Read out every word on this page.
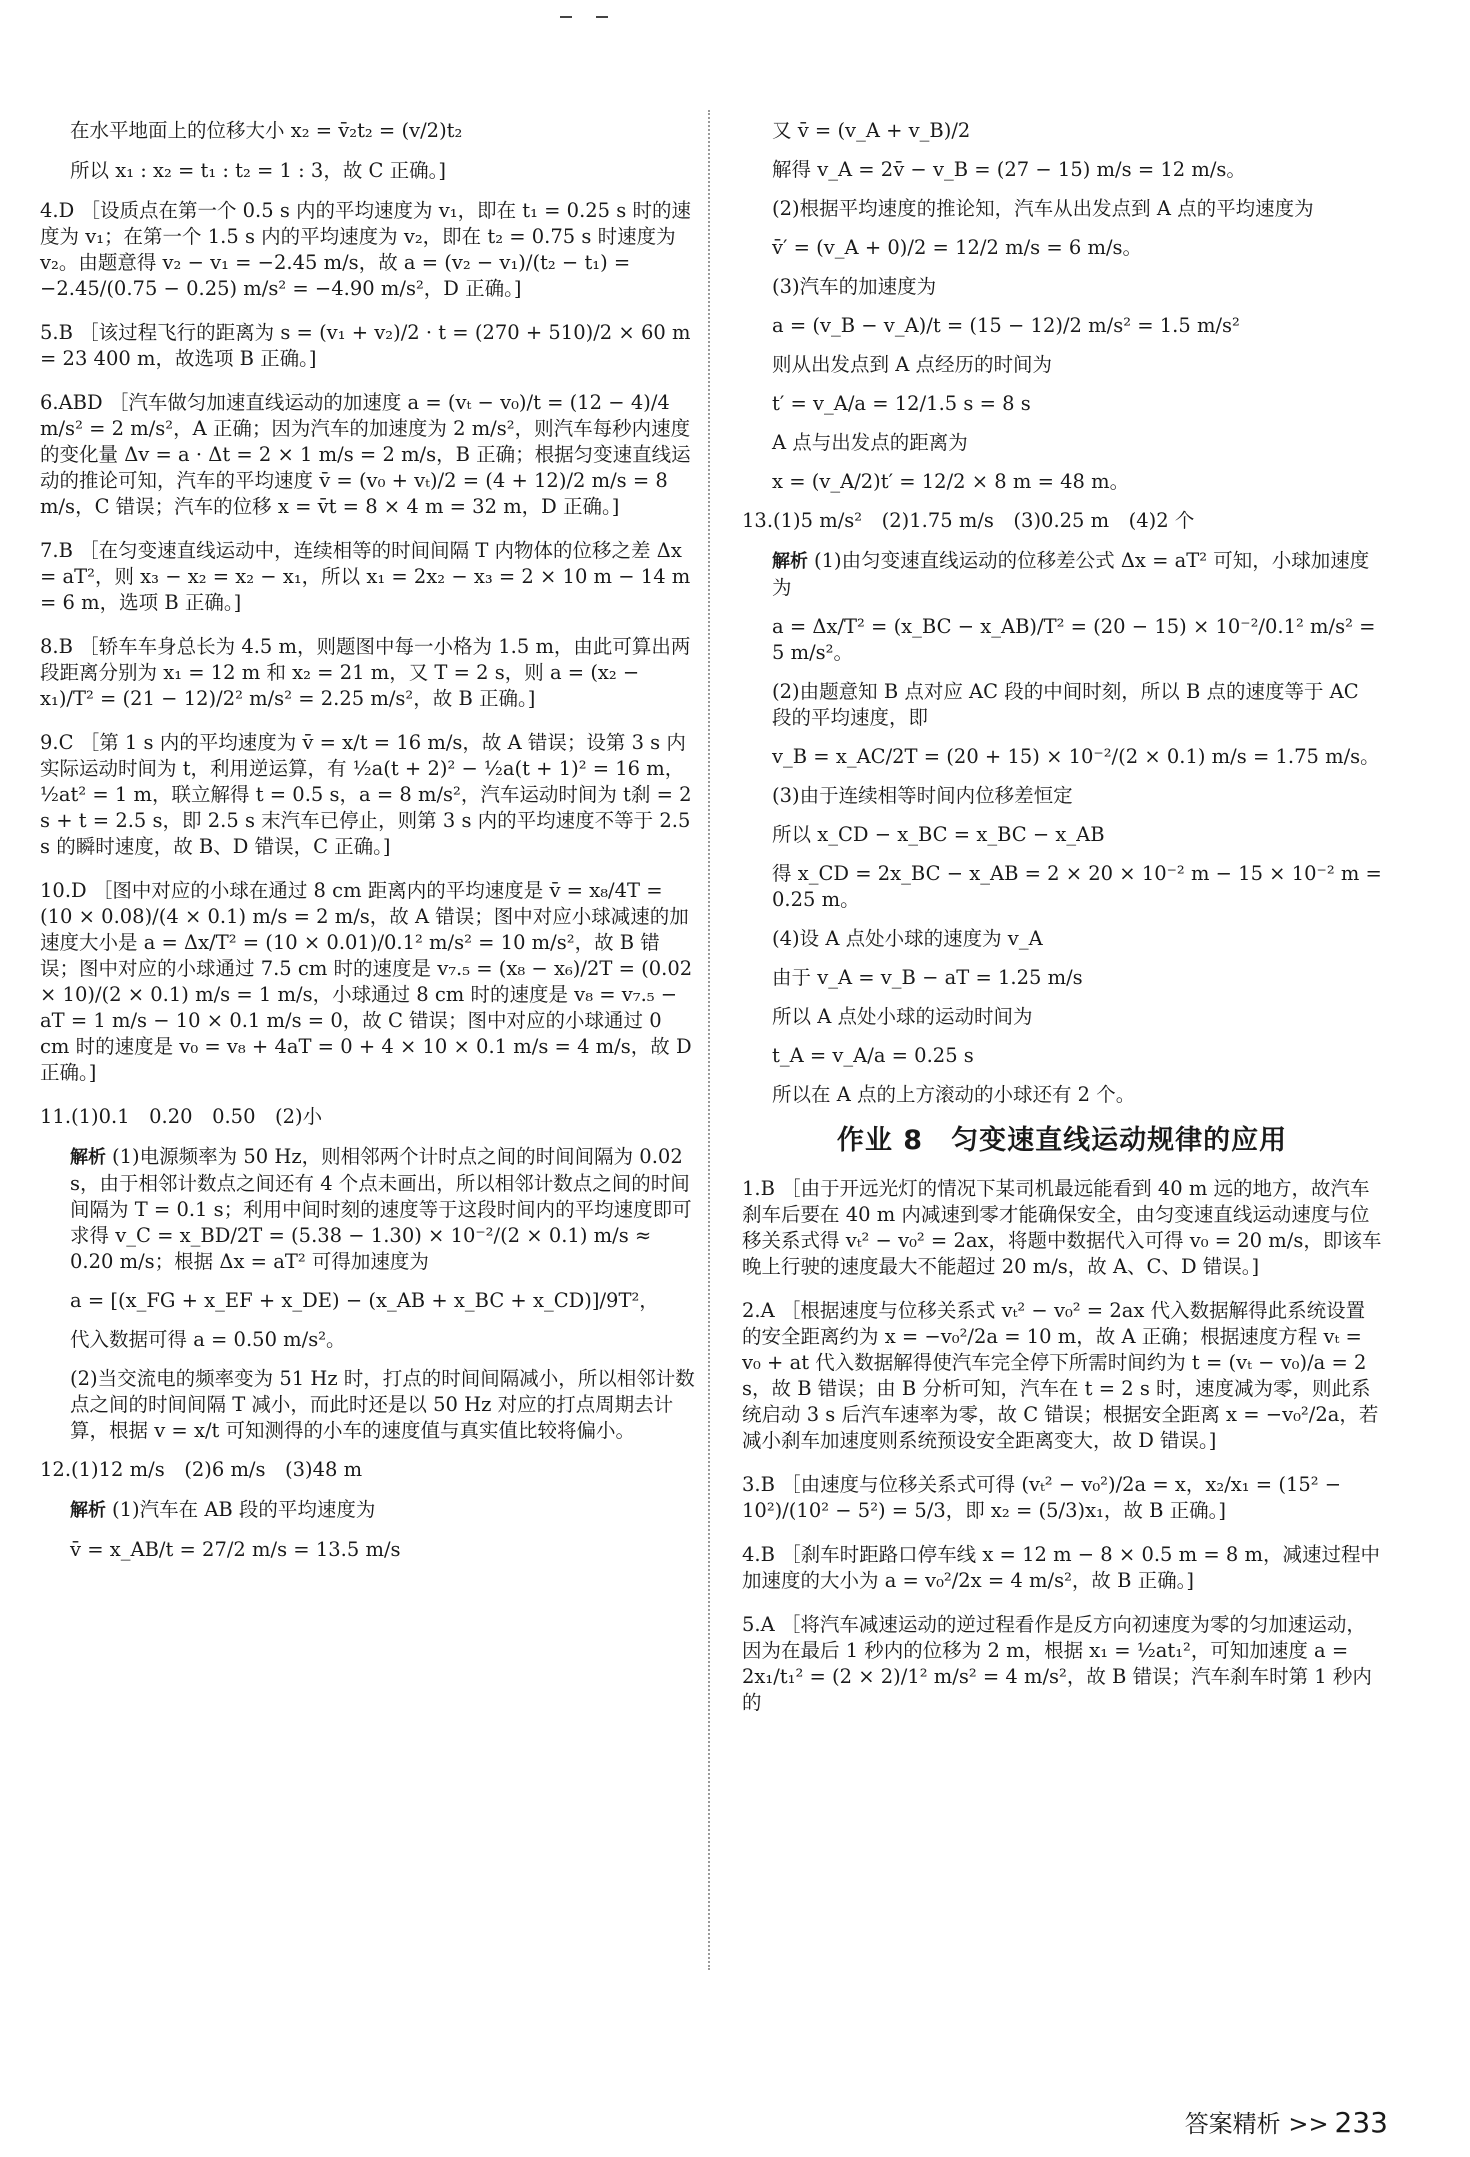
在水平地面上的位移大小 x₂ = v̄₂t₂ = (v/2)t₂

所以 x₁ : x₂ = t₁ : t₂ = 1 : 3，故 C 正确。]

4.D ［设质点在第一个 0.5 s 内的平均速度为 v₁，即在 t₁ = 0.25 s 时的速度为 v₁；在第一个 1.5 s 内的平均速度为 v₂，即在 t₂ = 0.75 s 时速度为 v₂。由题意得 v₂ − v₁ = −2.45 m/s，故 a = (v₂ − v₁)/(t₂ − t₁) = −2.45/(0.75 − 0.25) m/s² = −4.90 m/s²，D 正确。]

5.B ［该过程飞行的距离为 s = (v₁ + v₂)/2 · t = (270 + 510)/2 × 60 m = 23 400 m，故选项 B 正确。]

6.ABD ［汽车做匀加速直线运动的加速度 a = (vₜ − v₀)/t = (12 − 4)/4 m/s² = 2 m/s²，A 正确；因为汽车的加速度为 2 m/s²，则汽车每秒内速度的变化量 Δv = a · Δt = 2 × 1 m/s = 2 m/s，B 正确；根据匀变速直线运动的推论可知，汽车的平均速度 v̄ = (v₀ + vₜ)/2 = (4 + 12)/2 m/s = 8 m/s，C 错误；汽车的位移 x = v̄t = 8 × 4 m = 32 m，D 正确。]

7.B ［在匀变速直线运动中，连续相等的时间间隔 T 内物体的位移之差 Δx = aT²，则 x₃ − x₂ = x₂ − x₁，所以 x₁ = 2x₂ − x₃ = 2 × 10 m − 14 m = 6 m，选项 B 正确。]

8.B ［轿车车身总长为 4.5 m，则题图中每一小格为 1.5 m，由此可算出两段距离分别为 x₁ = 12 m 和 x₂ = 21 m，又 T = 2 s，则 a = (x₂ − x₁)/T² = (21 − 12)/2² m/s² = 2.25 m/s²，故 B 正确。]

9.C ［第 1 s 内的平均速度为 v̄ = x/t = 16 m/s，故 A 错误；设第 3 s 内实际运动时间为 t，利用逆运算，有 ½a(t + 2)² − ½a(t + 1)² = 16 m，½at² = 1 m，联立解得 t = 0.5 s，a = 8 m/s²，汽车运动时间为 t刹 = 2 s + t = 2.5 s，即 2.5 s 末汽车已停止，则第 3 s 内的平均速度不等于 2.5 s 的瞬时速度，故 B、D 错误，C 正确。]

10.D ［图中对应的小球在通过 8 cm 距离内的平均速度是 v̄ = x₈/4T = (10 × 0.08)/(4 × 0.1) m/s = 2 m/s，故 A 错误；图中对应小球减速的加速度大小是 a = Δx/T² = (10 × 0.01)/0.1² m/s² = 10 m/s²，故 B 错误；图中对应的小球通过 7.5 cm 时的速度是 v₇.₅ = (x₈ − x₆)/2T = (0.02 × 10)/(2 × 0.1) m/s = 1 m/s，小球通过 8 cm 时的速度是 v₈ = v₇.₅ − aT = 1 m/s − 10 × 0.1 m/s = 0，故 C 错误；图中对应的小球通过 0 cm 时的速度是 v₀ = v₈ + 4aT = 0 + 4 × 10 × 0.1 m/s = 4 m/s，故 D 正确。]

11.(1)0.1　0.20　0.50　(2)小

解析 (1)电源频率为 50 Hz，则相邻两个计时点之间的时间间隔为 0.02 s，由于相邻计数点之间还有 4 个点未画出，所以相邻计数点之间的时间间隔为 T = 0.1 s；利用中间时刻的速度等于这段时间内的平均速度即可求得 v_C = x_BD/2T = (5.38 − 1.30) × 10⁻²/(2 × 0.1) m/s ≈ 0.20 m/s；根据 Δx = aT² 可得加速度为

a = [(x_FG + x_EF + x_DE) − (x_AB + x_BC + x_CD)]/9T²，

代入数据可得 a = 0.50 m/s²。

(2)当交流电的频率变为 51 Hz 时，打点的时间间隔减小，所以相邻计数点之间的时间间隔 T 减小，而此时还是以 50 Hz 对应的打点周期去计算，根据 v = x/t 可知测得的小车的速度值与真实值比较将偏小。

12.(1)12 m/s　(2)6 m/s　(3)48 m

解析 (1)汽车在 AB 段的平均速度为

v̄ = x_AB/t = 27/2 m/s = 13.5 m/s

又 v̄ = (v_A + v_B)/2

解得 v_A = 2v̄ − v_B = (27 − 15) m/s = 12 m/s。

(2)根据平均速度的推论知，汽车从出发点到 A 点的平均速度为

v̄′ = (v_A + 0)/2 = 12/2 m/s = 6 m/s。

(3)汽车的加速度为

a = (v_B − v_A)/t = (15 − 12)/2 m/s² = 1.5 m/s²

则从出发点到 A 点经历的时间为

t′ = v_A/a = 12/1.5 s = 8 s

A 点与出发点的距离为

x = (v_A/2)t′ = 12/2 × 8 m = 48 m。

13.(1)5 m/s²　(2)1.75 m/s　(3)0.25 m　(4)2 个

解析 (1)由匀变速直线运动的位移差公式 Δx = aT² 可知，小球加速度为

a = Δx/T² = (x_BC − x_AB)/T² = (20 − 15) × 10⁻²/0.1² m/s² = 5 m/s²。

(2)由题意知 B 点对应 AC 段的中间时刻，所以 B 点的速度等于 AC 段的平均速度，即

v_B = x_AC/2T = (20 + 15) × 10⁻²/(2 × 0.1) m/s = 1.75 m/s。

(3)由于连续相等时间内位移差恒定

所以 x_CD − x_BC = x_BC − x_AB

得 x_CD = 2x_BC − x_AB = 2 × 20 × 10⁻² m − 15 × 10⁻² m = 0.25 m。

(4)设 A 点处小球的速度为 v_A

由于 v_A = v_B − aT = 1.25 m/s

所以 A 点处小球的运动时间为

t_A = v_A/a = 0.25 s

所以在 A 点的上方滚动的小球还有 2 个。

作业 8　匀变速直线运动规律的应用

1.B ［由于开远光灯的情况下某司机最远能看到 40 m 远的地方，故汽车刹车后要在 40 m 内减速到零才能确保安全，由匀变速直线运动速度与位移关系式得 vₜ² − v₀² = 2ax，将题中数据代入可得 v₀ = 20 m/s，即该车晚上行驶的速度最大不能超过 20 m/s，故 A、C、D 错误。]

2.A ［根据速度与位移关系式 vₜ² − v₀² = 2ax 代入数据解得此系统设置的安全距离约为 x = −v₀²/2a = 10 m，故 A 正确；根据速度方程 vₜ = v₀ + at 代入数据解得使汽车完全停下所需时间约为 t = (vₜ − v₀)/a = 2 s，故 B 错误；由 B 分析可知，汽车在 t = 2 s 时，速度减为零，则此系统启动 3 s 后汽车速率为零，故 C 错误；根据安全距离 x = −v₀²/2a，若减小刹车加速度则系统预设安全距离变大，故 D 错误。]

3.B ［由速度与位移关系式可得 (vₜ² − v₀²)/2a = x，x₂/x₁ = (15² − 10²)/(10² − 5²) = 5/3，即 x₂ = (5/3)x₁，故 B 正确。]

4.B ［刹车时距路口停车线 x = 12 m − 8 × 0.5 m = 8 m，减速过程中加速度的大小为 a = v₀²/2x = 4 m/s²，故 B 正确。]

5.A ［将汽车减速运动的逆过程看作是反方向初速度为零的匀加速运动，因为在最后 1 秒内的位移为 2 m，根据 x₁ = ½at₁²，可知加速度 a = 2x₁/t₁² = (2 × 2)/1² m/s² = 4 m/s²，故 B 错误；汽车刹车时第 1 秒内的

答案精析 >> 233
